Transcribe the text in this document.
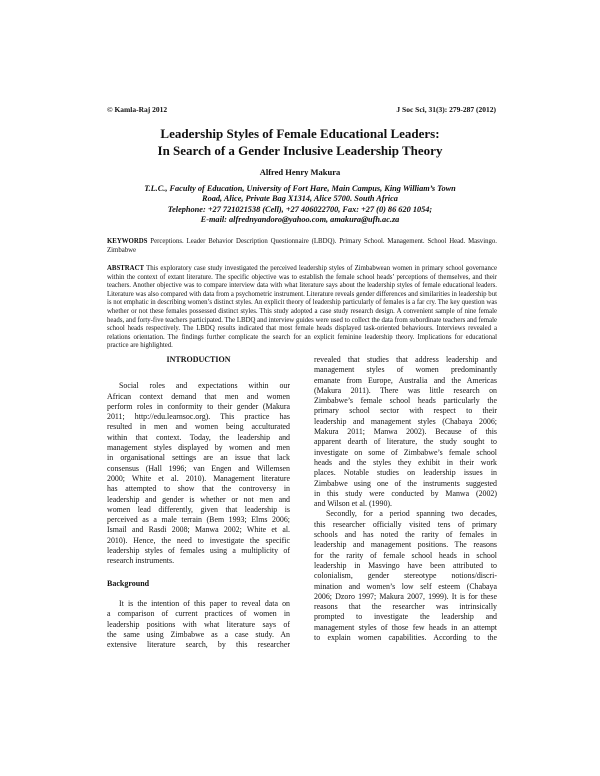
© Kamla-Raj 2012	J Soc Sci, 31(3): 279-287 (2012)
Leadership Styles of Female Educational Leaders:
In Search of a Gender Inclusive Leadership Theory
Alfred Henry Makura
T.L.C., Faculty of Education, University of Fort Hare, Main Campus, King William’s Town
Road, Alice, Private Bag X1314, Alice 5700. South Africa
Telephone: +27 721021538 (Cell), +27 406022700, Fax: +27 (0) 86 620 1054;
E-mail: alfrednyandoro@yahoo.com, amakura@ufh.ac.za
KEYWORDS Perceptions. Leader Behavior Description Questionnaire (LBDQ). Primary School. Management. School Head. Masvingo. Zimbabwe
ABSTRACT This exploratory case study investigated the perceived leadership styles of Zimbabwean women in primary school governance within the context of extant literature. The specific objective was to establish the female school heads’ perceptions of themselves, and their teachers. Another objective was to compare interview data with what literature says about the leadership styles of female educational leaders. Literature was also compared with data from a psychometric instrument. Literature reveals gender differences and similarities in leadership but is not emphatic in describing women’s distinct styles. An explicit theory of leadership particularly of females is a far cry. The key question was whether or not these females possessed distinct styles. This study adopted a case study research design. A convenient sample of nine female heads, and forty-five teachers participated. The LBDQ and interview guides were used to collect the data from subordinate teachers and female school heads respectively. The LBDQ results indicated that most female heads displayed task-oriented behaviours. Interviews revealed a relations orientation. The findings further complicate the search for an explicit feminine leadership theory. Implications for educational practice are highlighted.
INTRODUCTION
Social roles and expectations within our
African context demand that men and women
perform roles in conformity to their gender (Makura
2011; http://edu.learnsoc.org). This practice has
resulted in men and women being acculturated
within that context. Today, the leadership and
management styles displayed by women and men
in organisational settings are an issue that lack
consensus (Hall 1996; van Engen and Willemsen
2000; White et al. 2010). Management literature
has attempted to show that the controversy in
leadership and gender is whether or not men and
women lead differently, given that leadership is
perceived as a male terrain (Bem 1993; Elms 2006;
Ismail and Rasdi 2008; Manwa 2002; White et al.
2010). Hence, the need to investigate the specific
leadership styles of females using a multiplicity of
research instruments.
Background
It is the intention of this paper to reveal data on
a comparison of current practices of women in
leadership positions with what literature says of
the same using Zimbabwe as a case study. An
extensive literature search, by this researcher
revealed that studies that address leadership and
management styles of women predominantly
emanate from Europe, Australia and the Americas
(Makura 2011). There was little research on
Zimbabwe’s female school heads particularly the
primary school sector with respect to their
leadership and management styles (Chabaya 2006;
Makura 2011; Manwa 2002). Because of this
apparent dearth of literature, the study sought to
investigate on some of Zimbabwe’s female school
heads and the styles they exhibit in their work
places. Notable studies on leadership issues in
Zimbabwe using one of the instruments suggested
in this study were conducted by Manwa (2002)
and Wilson et al. (1990).
Secondly, for a period spanning two decades,
this researcher officially visited tens of primary
schools and has noted the rarity of females in
leadership and management positions. The reasons
for the rarity of female school heads in school
leadership in Masvingo have been attributed to
colonialism, gender stereotype notions/discri-
mination and women’s low self esteem (Chabaya
2006; Dzoro 1997; Makura 2007, 1999). It is for these
reasons that the researcher was intrinsically
prompted to investigate the leadership and
management styles of those few heads in an attempt
to explain women capabilities. According to the
